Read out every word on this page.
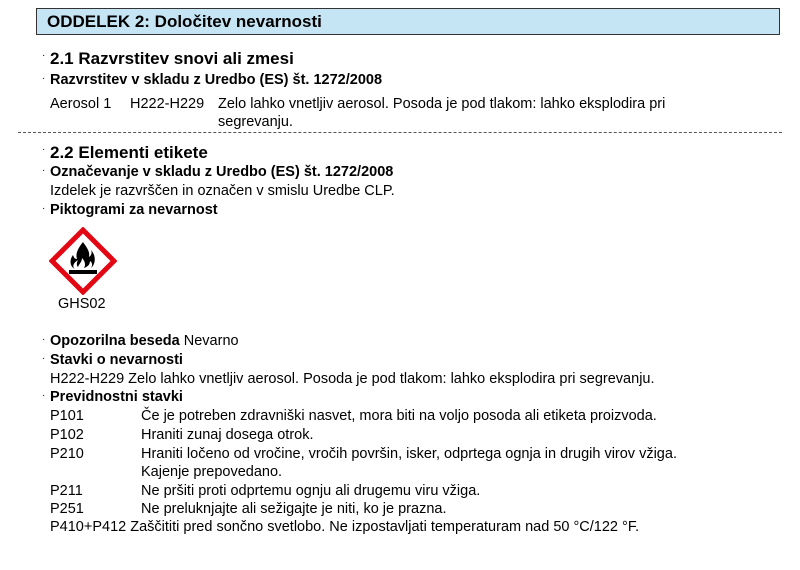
ODDELEK 2: Določitev nevarnosti
· 2.1 Razvrstitev snovi ali zmesi
· Razvrstitev v skladu z Uredbo (ES) št. 1272/2008
Aerosol 1 H222-H229 Zelo lahko vnetljiv aerosol. Posoda je pod tlakom: lahko eksplodira pri
segrevanju.
· 2.2 Elementi etikete
· Označevanje v skladu z Uredbo (ES) št. 1272/2008
Izdelek je razvrščen in označen v smislu Uredbe CLP.
· Piktogrami za nevarnost
GHS02
· Opozorilna beseda Nevarno
· Stavki o nevarnosti
H222-H229 Zelo lahko vnetljiv aerosol. Posoda je pod tlakom: lahko eksplodira pri segrevanju.
· Previdnostni stavki
P101	Če je potreben zdravniški nasvet, mora biti na voljo posoda ali etiketa proizvoda.
P102	Hraniti zunaj dosega otrok.
P210	Hraniti ločeno od vročine, vročih površin, isker, odprtega ognja in drugih virov vžiga.
Kajenje prepovedano.
P211	Ne pršiti proti odprtemu ognju ali drugemu viru vžiga.
P251	Ne preluknjajte ali sežigajte je niti, ko je prazna.
P410+P412 Zaščititi pred sončno svetlobo. Ne izpostavljati temperaturam nad 50 °C/122 °F.
